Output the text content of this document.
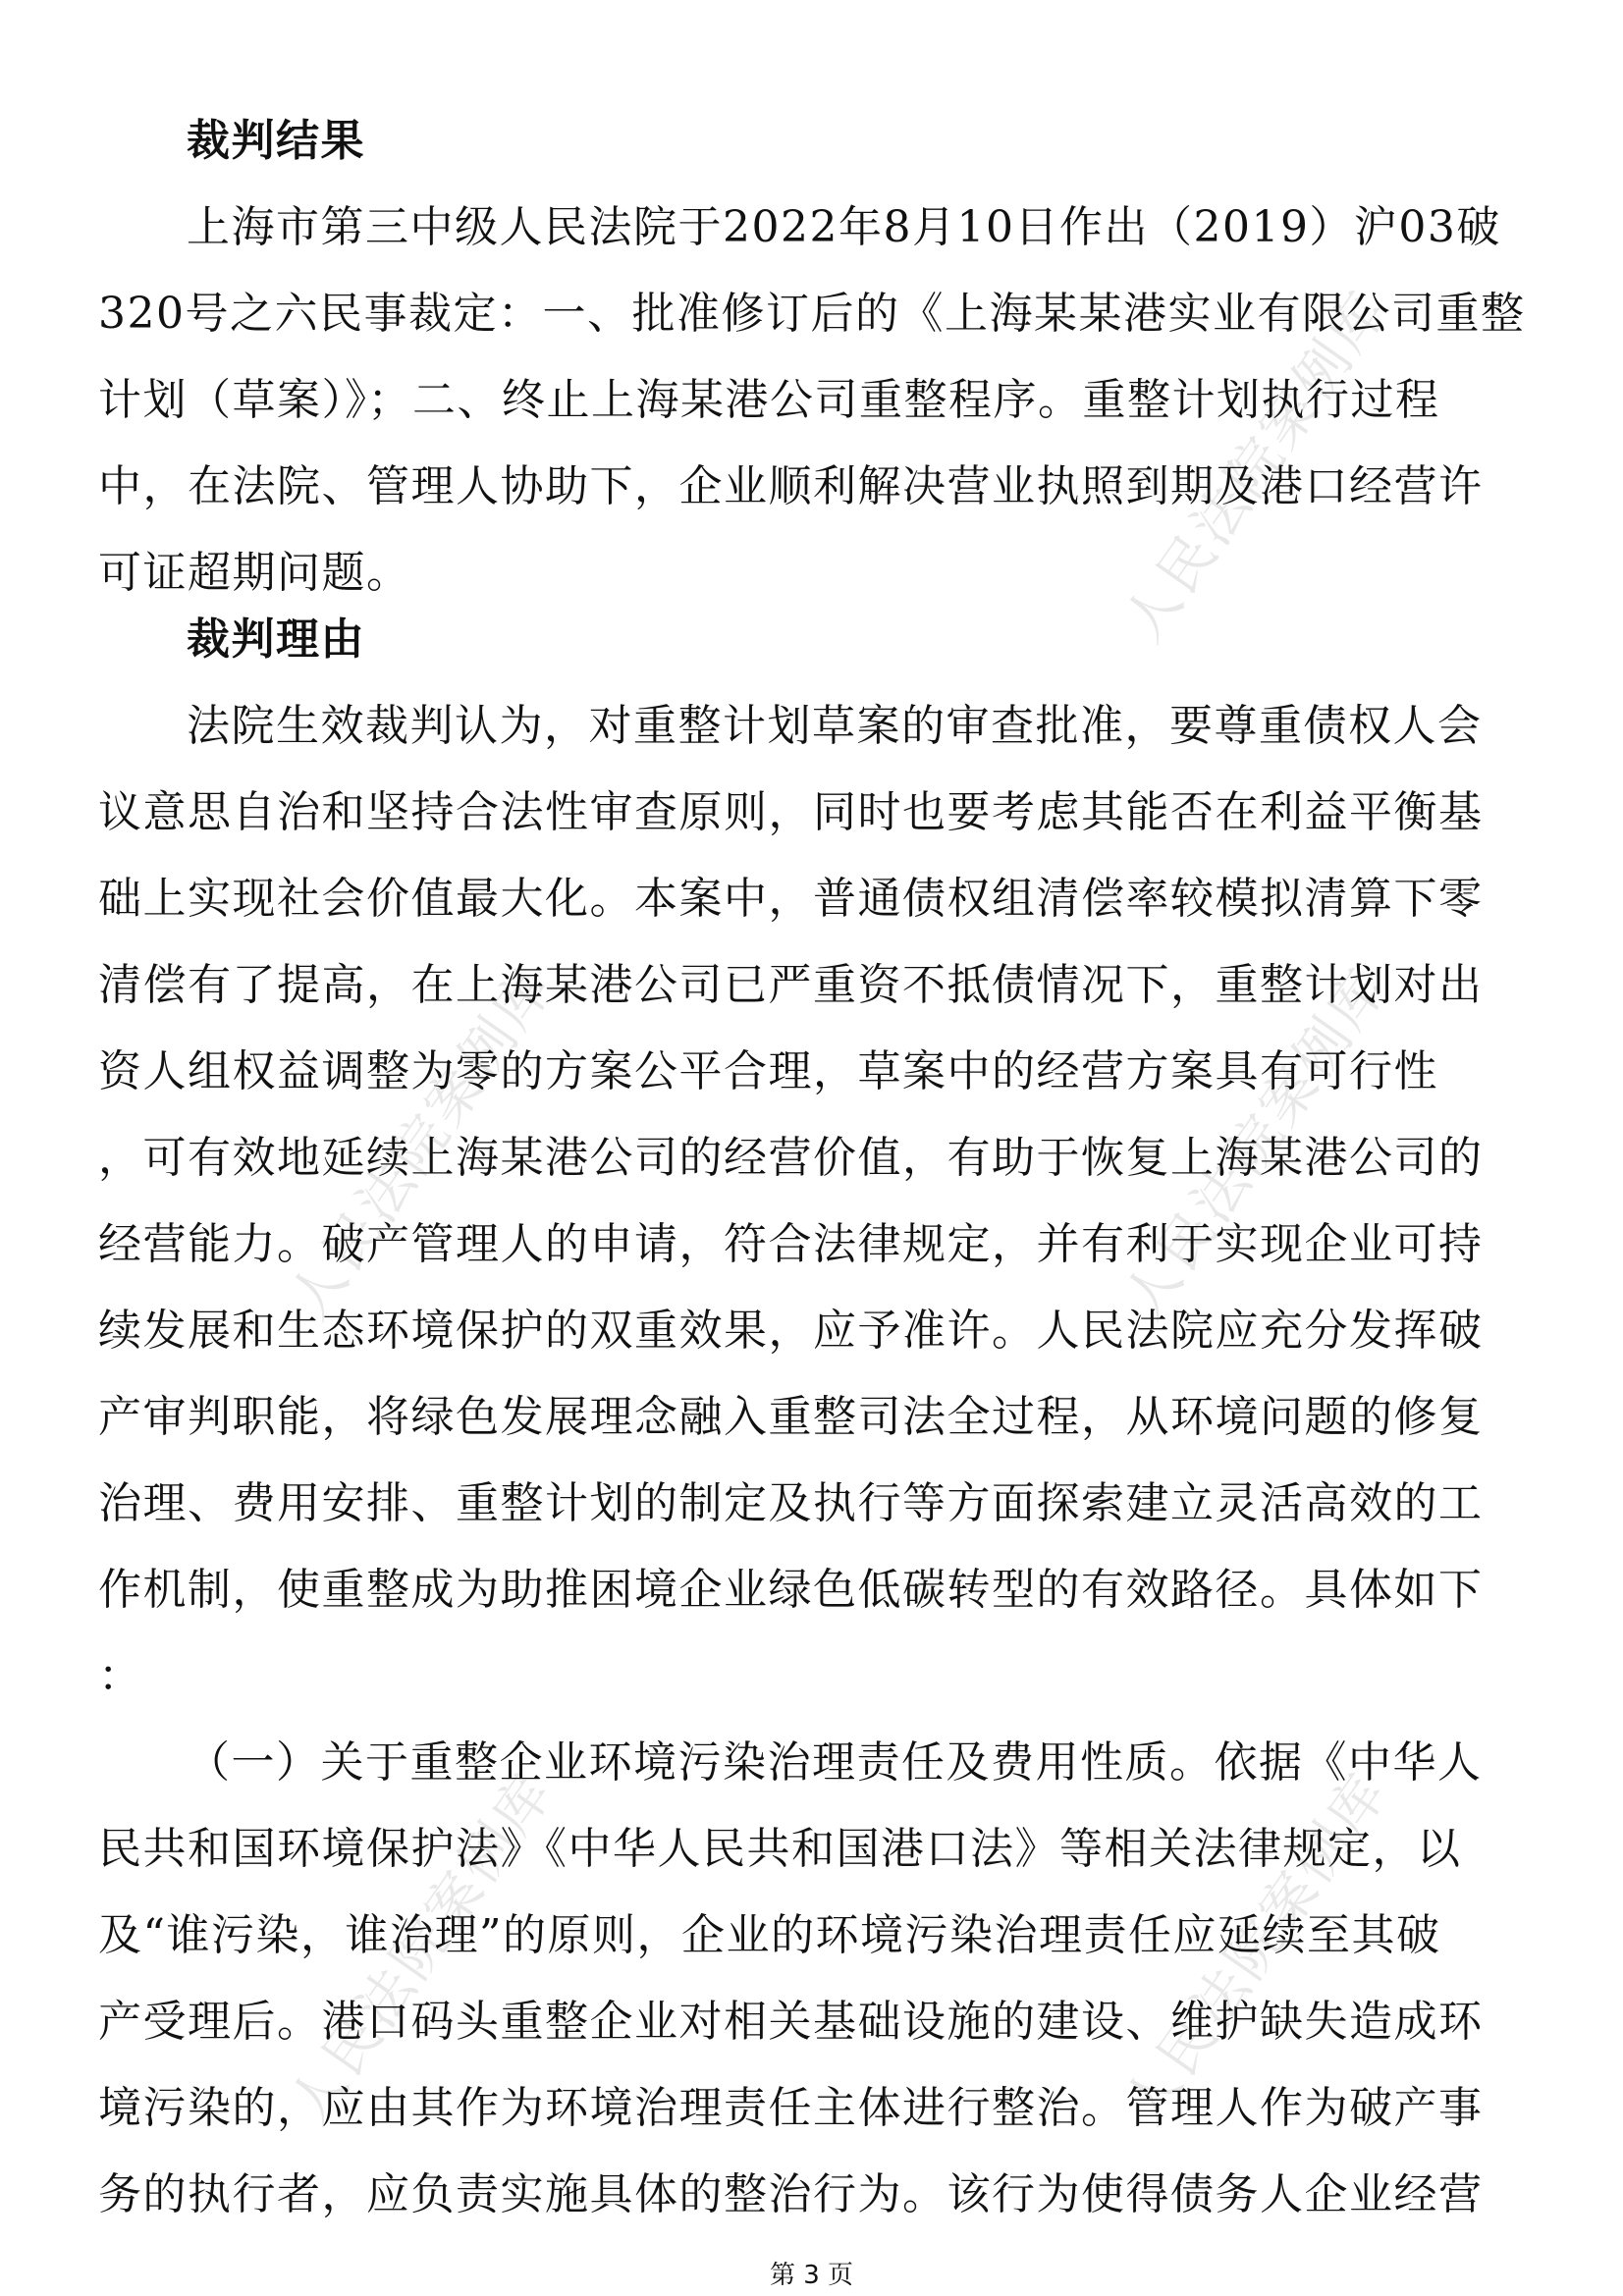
人民法院案例库
人民法院案例库	人民法院案例库
人民法院案例库	人民法院案例库
裁判结果
上海市第三中级人民法院于2022年8月10日作出（2019）沪03破
320号之六民事裁定：一、批准修订后的《上海某某港实业有限公司重整
计划（草案）》；二、终止上海某港公司重整程序。重整计划执行过程
中，在法院、管理人协助下，企业顺利解决营业执照到期及港口经营许
可证超期问题。
裁判理由
法院生效裁判认为，对重整计划草案的审查批准，要尊重债权人会
议意思自治和坚持合法性审查原则，同时也要考虑其能否在利益平衡基
础上实现社会价值最大化。本案中，普通债权组清偿率较模拟清算下零
清偿有了提高，在上海某港公司已严重资不抵债情况下，重整计划对出
资人组权益调整为零的方案公平合理，草案中的经营方案具有可行性
，可有效地延续上海某港公司的经营价值，有助于恢复上海某港公司的
经营能力。破产管理人的申请，符合法律规定，并有利于实现企业可持
续发展和生态环境保护的双重效果，应予准许。人民法院应充分发挥破
产审判职能，将绿色发展理念融入重整司法全过程，从环境问题的修复
治理、费用安排、重整计划的制定及执行等方面探索建立灵活高效的工
作机制，使重整成为助推困境企业绿色低碳转型的有效路径。具体如下
：
（一）关于重整企业环境污染治理责任及费用性质。依据《中华人
民共和国环境保护法》《中华人民共和国港口法》等相关法律规定，以
及“谁污染，谁治理”的原则，企业的环境污染治理责任应延续至其破
产受理后。港口码头重整企业对相关基础设施的建设、维护缺失造成环
境污染的，应由其作为环境治理责任主体进行整治。管理人作为破产事
务的执行者，应负责实施具体的整治行为。该行为使得债务人企业经营
第 3 页
